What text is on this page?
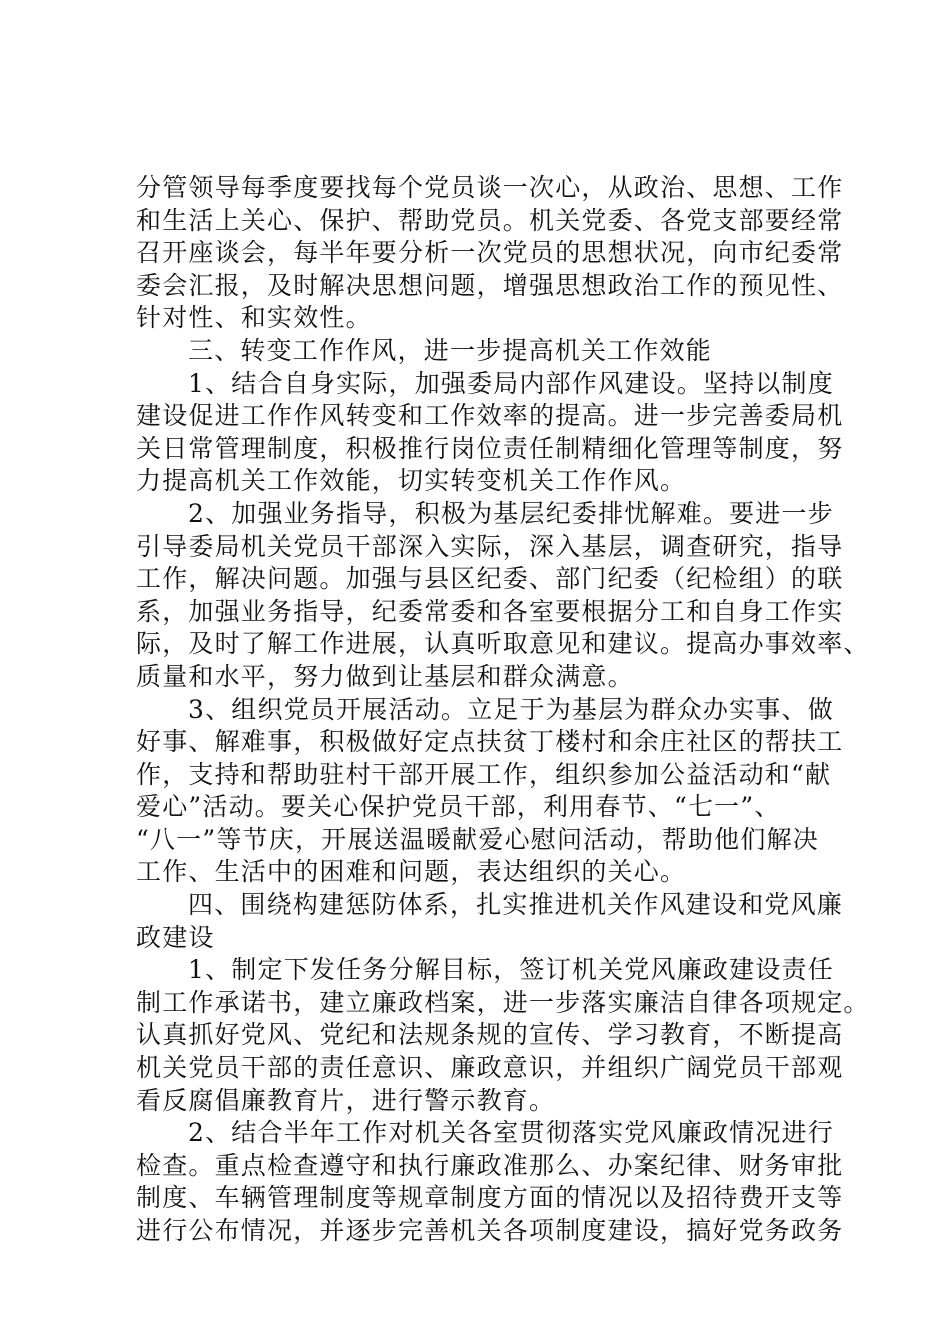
分管领导每季度要找每个党员谈一次心，从政治、思想、工作
和生活上关心、保护、帮助党员。机关党委、各党支部要经常
召开座谈会，每半年要分析一次党员的思想状况，向市纪委常
委会汇报，及时解决思想问题，增强思想政治工作的预见性、
针对性、和实效性。
三、转变工作作风，进一步提高机关工作效能
1、结合自身实际，加强委局内部作风建设。坚持以制度
建设促进工作作风转变和工作效率的提高。进一步完善委局机
关日常管理制度，积极推行岗位责任制精细化管理等制度，努
力提高机关工作效能，切实转变机关工作作风。
2、加强业务指导，积极为基层纪委排忧解难。要进一步
引导委局机关党员干部深入实际，深入基层，调查研究，指导
工作，解决问题。加强与县区纪委、部门纪委（纪检组）的联
系，加强业务指导，纪委常委和各室要根据分工和自身工作实
际，及时了解工作进展，认真听取意见和建议。提高办事效率、
质量和水平，努力做到让基层和群众满意。
3、组织党员开展活动。立足于为基层为群众办实事、做
好事、解难事，积极做好定点扶贫丁楼村和余庄社区的帮扶工
作，支持和帮助驻村干部开展工作，组织参加公益活动和“献
爱心”活动。要关心保护党员干部，利用春节、“七一”、
“八一”等节庆，开展送温暖献爱心慰问活动，帮助他们解决
工作、生活中的困难和问题，表达组织的关心。
四、围绕构建惩防体系，扎实推进机关作风建设和党风廉
政建设
1、制定下发任务分解目标，签订机关党风廉政建设责任
制工作承诺书，建立廉政档案，进一步落实廉洁自律各项规定。
认真抓好党风、党纪和法规条规的宣传、学习教育，不断提高
机关党员干部的责任意识、廉政意识，并组织广阔党员干部观
看反腐倡廉教育片，进行警示教育。
2、结合半年工作对机关各室贯彻落实党风廉政情况进行
检查。重点检查遵守和执行廉政准那么、办案纪律、财务审批
制度、车辆管理制度等规章制度方面的情况以及招待费开支等
进行公布情况，并逐步完善机关各项制度建设，搞好党务政务
